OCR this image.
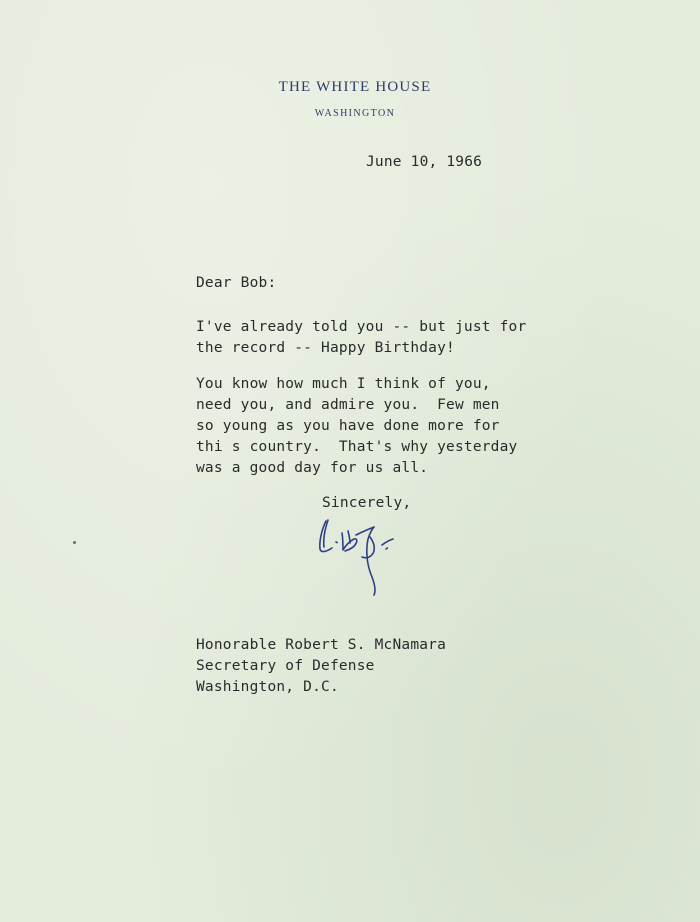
THE WHITE HOUSE
WASHINGTON
June 10, 1966
Dear Bob:
I've already told you -- but just for
the record -- Happy Birthday!
You know how much I think of you,
need you, and admire you.  Few men
so young as you have done more for
thi s country.  That's why yesterday
was a good day for us all.
Sincerely,
Honorable Robert S. McNamara
Secretary of Defense
Washington, D.C.
